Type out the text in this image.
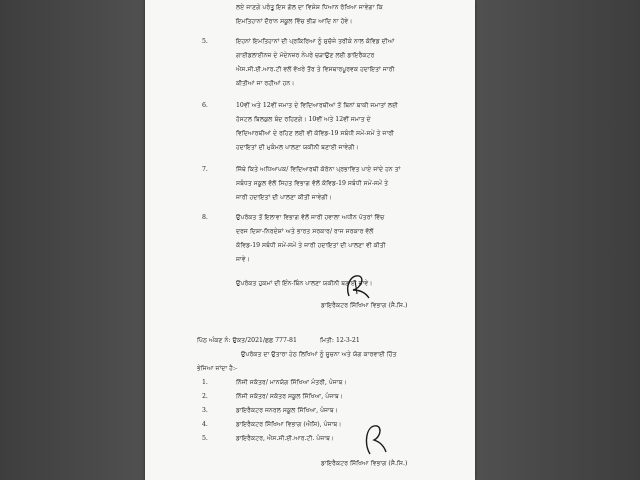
ਲਏ ਜਾਣਗੇ ਪਰੰਤੂ ਇਸ ਗੱਲ ਦਾ ਵਿਸ਼ੇਸ਼ ਧਿਆਨ ਰੱਖਿਆ ਜਾਵੇਗਾ ਕਿ
ਇਮਤਿਹਾਨਾਂ ਦੌਰਾਨ ਸਕੂਲ ਵਿੱਚ ਭੀੜ ਆਦਿ ਨਾ ਹੋਵੇ।
5.	ਇਹਨਾਂ ਇਮਤਿਹਾਨਾਂ ਦੀ ਪ੍ਰਕਿਰਿਆ ਨੂੰ ਸੁਚੱਜੇ ਤਰੀਕੇ ਨਾਲ ਕੋਵਿਡ ਦੀਆਂ
ਗਾਈਡਲਾਈਨਜ਼ ਦੇ ਮੱਦੇਨਜ਼ਰ ਨੇਪਰੇ ਚੜਾਉਣ ਲਈ ਡਾਇਰੈਕਟਰ
ਐਸ.ਸੀ.ਈ.ਆਰ.ਟੀ ਵਲੋਂ ਵੱਖਰੇ ਤੌਰ ਤੇ ਵਿਸਥਾਰਪੂਰਵਕ ਹਦਾਇਤਾਂ ਜਾਰੀ
ਕੀਤੀਆਂ ਜਾ ਰਹੀਆਂ ਹਨ।
6.	10ਵੀਂ ਅਤੇ 12ਵੀਂ ਜਮਾਤ ਦੇ ਵਿਦਿਆਰਥੀਆਂ ਤੋਂ ਬਿਨਾਂ ਬਾਕੀ ਜਮਾਤਾਂ ਲਈ
ਹੋਸਟਲ ਬਿਲਕੁਲ ਬੰਦ ਰਹਿਣਗੇ। 10ਵੀਂ ਅਤੇ 12ਵੀਂ ਜਮਾਤ ਦੇ
ਵਿਦਿਆਰਥੀਆਂ ਦੇ ਰਹਿਣ ਲਈ ਵੀ ਕੋਵਿਡ-19 ਸਬੰਧੀ ਸਮੇਂ-ਸਮੇਂ ਤੇ ਜਾਰੀ
ਹਦਾਇਤਾਂ ਦੀ ਮੁਕੰਮਲ ਪਾਲਣਾ ਯਕੀਨੀ ਬਣਾਈ ਜਾਵੇਗੀ।
7.	ਜਿੱਥੇ ਕਿਤੇ ਅਧਿਆਪਕ/ ਵਿਦਿਆਰਥੀ ਕੋਰੋਨਾ ਪ੍ਰਭਾਵਿਤ ਪਾਏ ਜਾਂਦੇ ਹਨ ਤਾਂ
ਸਬੰਧਤ ਸਕੂਲ ਵੱਲੋਂ ਸਿਹਤ ਵਿਭਾਗ ਵੱਲੋਂ ਕੋਵਿਡ-19 ਸਬੰਧੀ ਸਮੇਂ-ਸਮੇਂ ਤੇ
ਜਾਰੀ ਹਦਾਇਤਾਂ ਦੀ ਪਾਲਣਾ ਕੀਤੀ ਜਾਵੇਗੀ।
8.	ਉਪਰੋਕਤ ਤੋਂ ਇਲਾਵਾ ਵਿਭਾਗ ਵੱਲੋਂ ਜਾਰੀ ਹਵਾਲਾ ਅਧੀਨ ਪੱਤਰਾਂ ਵਿੱਚ
ਦਰਜ ਦਿਸ਼ਾ-ਨਿਰਦੇਸ਼ਾਂ ਅਤੇ ਭਾਰਤ ਸਰਕਾਰ/ ਰਾਜ ਸਰਕਾਰ ਵੱਲੋਂ
ਕੋਵਿਡ-19 ਸਬੰਧੀ ਸਮੇਂ-ਸਮੇਂ ਤੇ ਜਾਰੀ ਹਦਾਇਤਾਂ ਦੀ ਪਾਲਣਾ ਵੀ ਕੀਤੀ
ਜਾਵੇ।
ਉਪਰੋਕਤ ਹੁਕਮਾਂ ਦੀ ਇੰਨ-ਬਿੰਨ ਪਾਲਣਾ ਯਕੀਨੀ ਬਣਾਈ ਜਾਵੇ।
ਡਾਇਰੈਕਟਰ ਸਿੱਖਿਆ ਵਿਭਾਗ (ਸੈ.ਸਿ.)
ਪਿੱਠ ਅੰਕਣ ਨੰ: ਉਕਤ/2021/ਛਛ 777-81	ਮਿਤੀ: 12-3-21
ਉਪਰੋਕਤ ਦਾ ਉਤਾਰਾ ਹੇਠ ਲਿਖਿਆਂ ਨੂੰ ਸੂਚਨਾ ਅਤੇ ਯੋਗ ਕਾਰਵਾਈ ਹਿੱਤ
ਭੇਜਿਆ ਜਾਂਦਾ ਹੈ:-
1.	ਨਿੱਜੀ ਸਕੱਤਰ/ ਮਾਨਯੋਗ ਸਿੱਖਿਆ ਮੰਤਰੀ, ਪੰਜਾਬ।
2.	ਨਿੱਜੀ ਸਕੱਤਰ/ ਸਕੱਤਰ ਸਕੂਲ ਸਿੱਖਿਆ, ਪੰਜਾਬ।
3.	ਡਾਇਰੈਕਟਰ ਜਨਰਲ ਸਕੂਲ ਸਿੱਖਿਆ, ਪੰਜਾਬ।
4.	ਡਾਇਰੈਕਟਰ ਸਿੱਖਿਆ ਵਿਭਾਗ (ਐਸਿ), ਪੰਜਾਬ।
5.	ਡਾਇਰੈਕਟਰ, ਐਸ.ਸੀ.ਈ.ਆਰ.ਟੀ. ਪੰਜਾਬ।
ਡਾਇਰੈਕਟਰ ਸਿੱਖਿਆ ਵਿਭਾਗ (ਸੈ.ਸਿ.)
